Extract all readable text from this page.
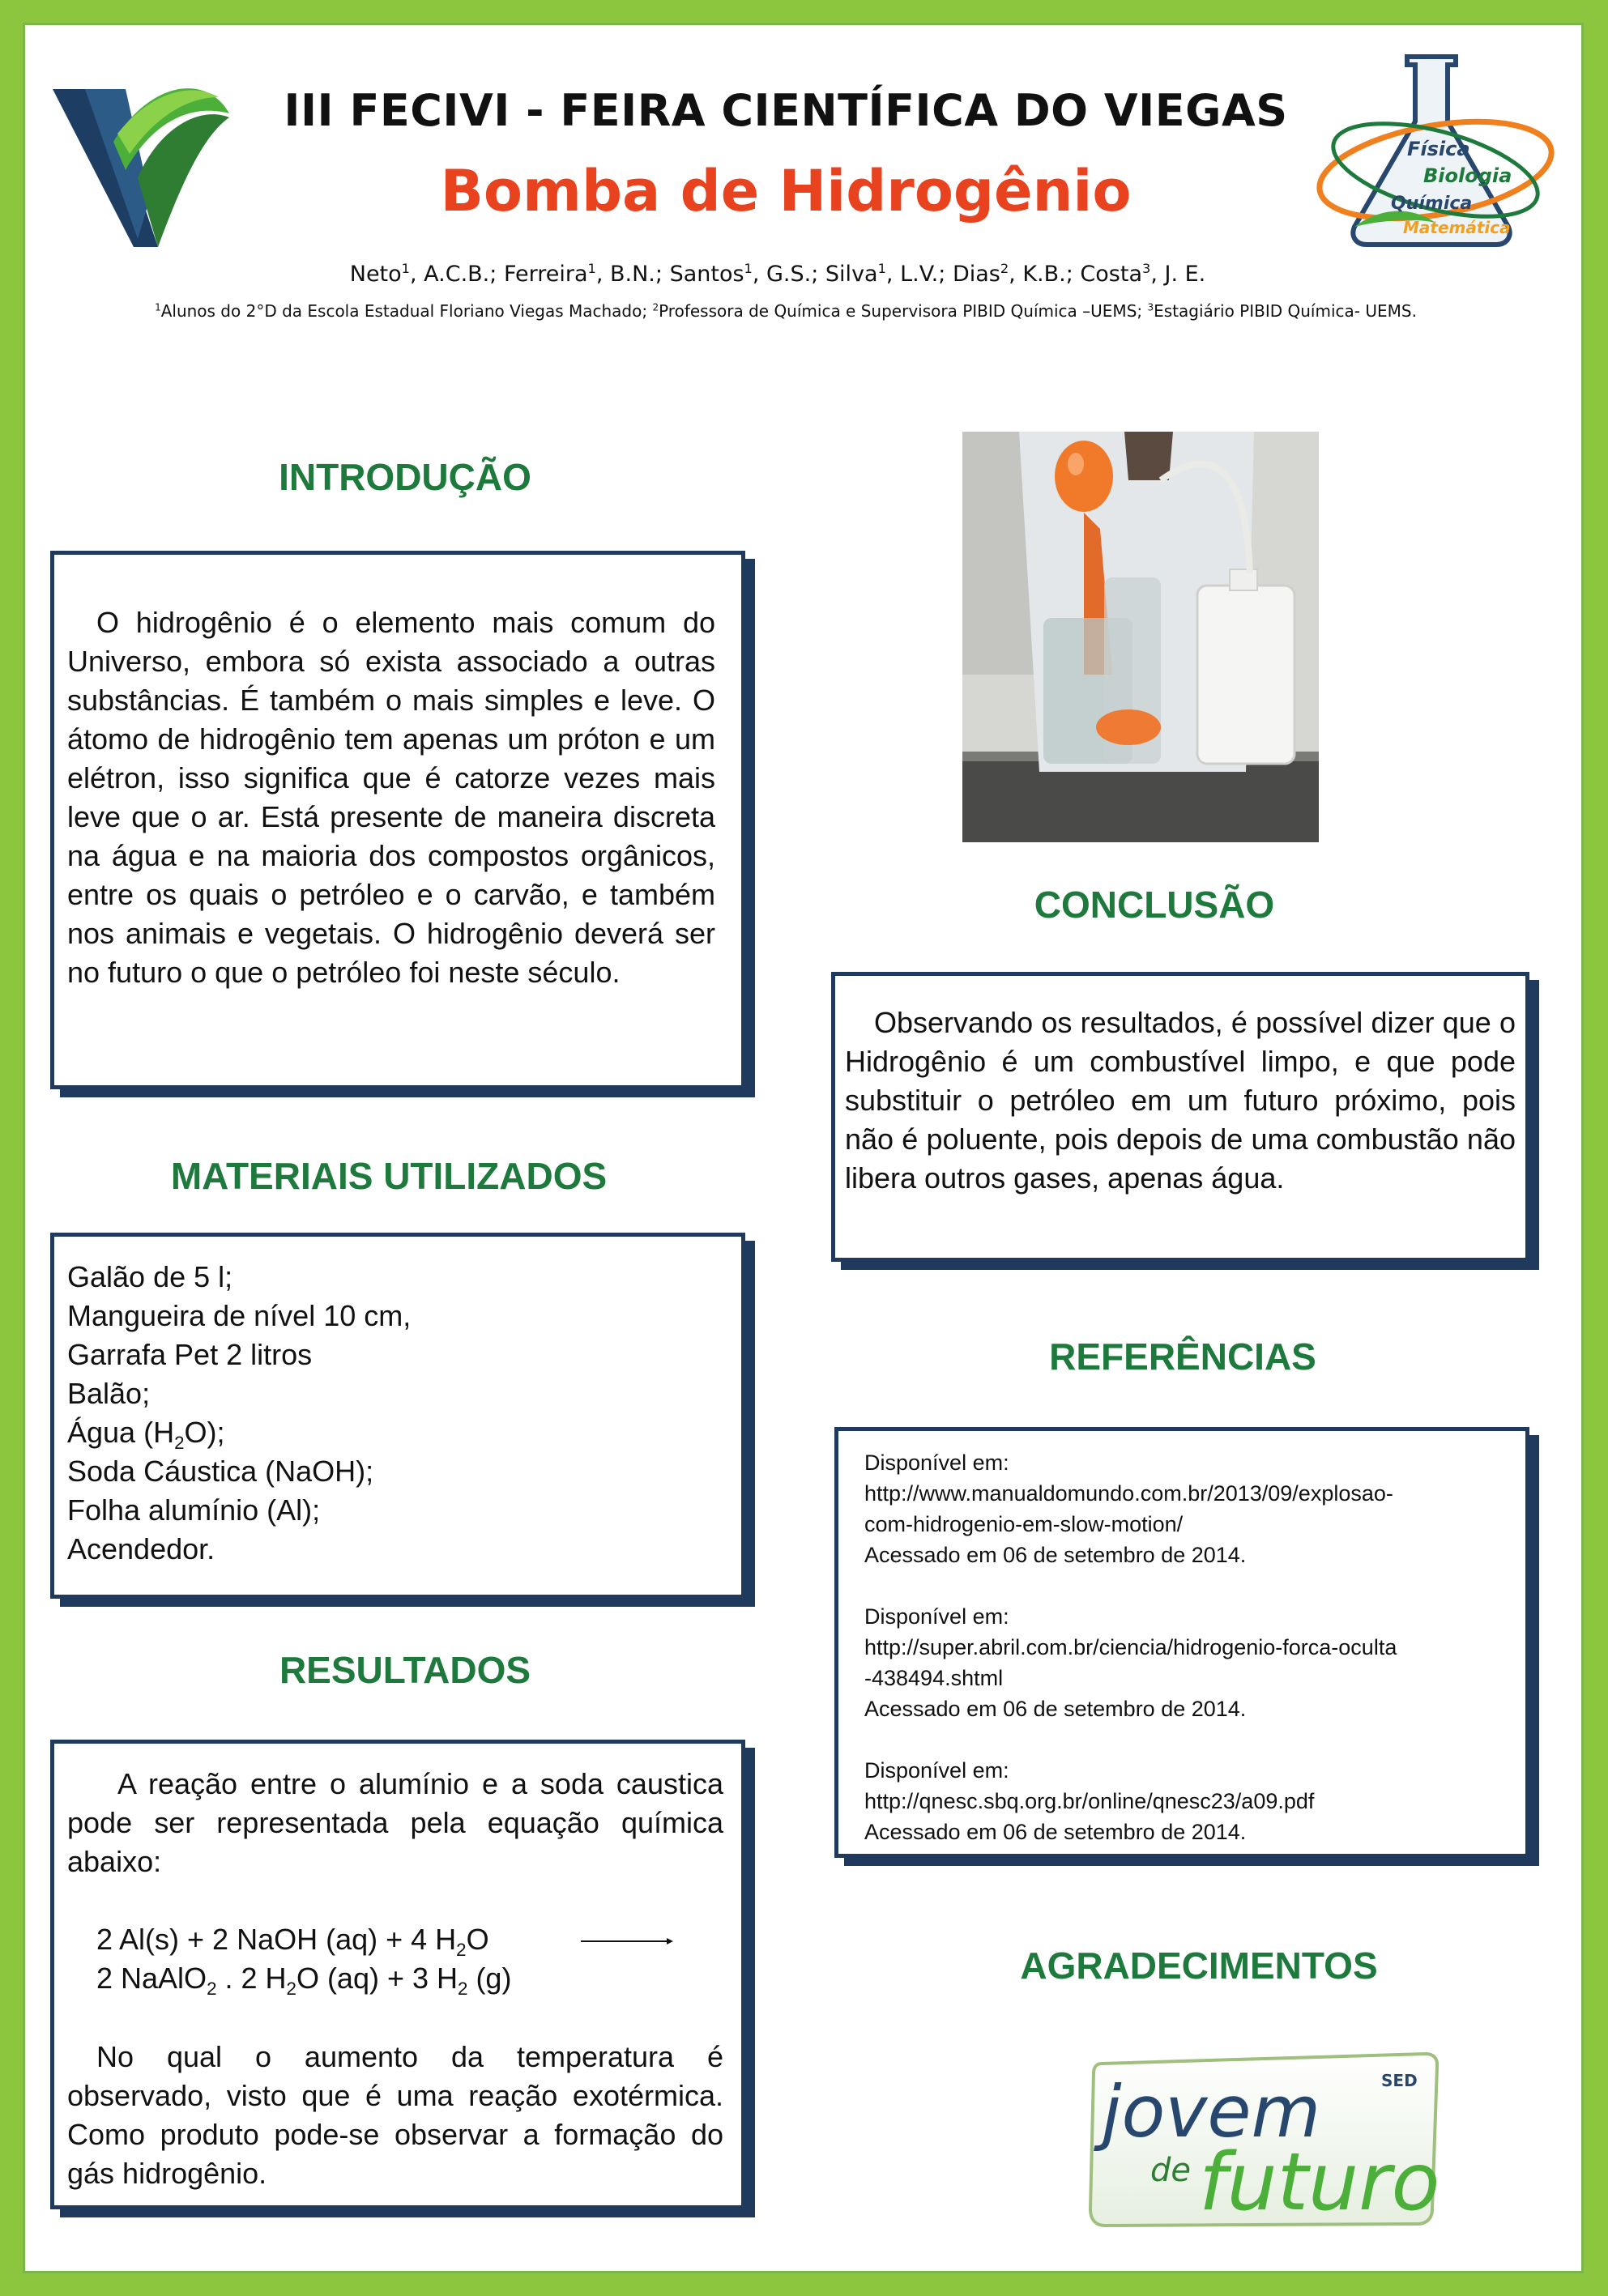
Física
Biologia
Química
Matemática
III FECIVI - FEIRA CIENTÍFICA DO VIEGAS
Bomba de Hidrogênio
Neto$^1$, A.C.B.; Ferreira$^1$, B.N.; Santos$^1$, G.S.; Silva$^1$, L.V.; Dias$^2$, K.B.; Costa$^3$, J. E.
$^1$Alunos do 2°D da Escola Estadual Floriano Viegas Machado; $^2$Professora de Química e Supervisora PIBID Química –UEMS; $^3$Estagiário PIBID Química- UEMS.
INTRODUÇÃO
O hidrogênio é o elemento mais comum do Universo, embora só exista associado a outras substâncias. É também o mais simples e leve. O átomo de hidrogênio tem apenas um próton e um elétron, isso significa que é catorze vezes mais leve que o ar. Está presente de maneira discreta na água e na maioria dos compostos orgânicos, entre os quais o petróleo e o carvão, e também nos animais e vegetais. O hidrogênio deverá ser no futuro o que o petróleo foi neste século.
MATERIAIS UTILIZADOS
Galão de 5 l;
Mangueira de nível 10 cm,
Garrafa Pet 2 litros
Balão;
Água $(H_2O)$;
Soda Cáustica (NaOH);
Folha alumínio (Al);
Acendedor.
RESULTADOS
A reação entre o alumínio e a soda caustica pode ser representada pela equação química abaixo:
2 Al(s) + 2 NaOH (aq) + 4 $H_2O$
2 NaAlO$_2$ . 2 $H_2O$ (aq) + 3 $H_2$ (g)
No qual o aumento da temperatura é observado, visto que é uma reação exotérmica. Como produto pode-se observar a formação do gás hidrogênio.
CONCLUSÃO
Observando os resultados, é possível dizer que o Hidrogênio é um combustível limpo, e que pode substituir o petróleo em um futuro próximo, pois não é poluente, pois depois de uma combustão não libera outros gases, apenas água.
REFERÊNCIAS
Disponível em:
http://www.manualdomundo.com.br/2013/09/explosao-
com-hidrogenio-em-slow-motion/
Acessado em 06 de setembro de 2014.
Disponível em:
http://super.abril.com.br/ciencia/hidrogenio-forca-oculta
-438494.shtml
Acessado em 06 de setembro de 2014.
Disponível em:
http://qnesc.sbq.org.br/online/qnesc23/a09.pdf
Acessado em 06 de setembro de 2014.
AGRADECIMENTOS
jovem
de futuro
SED
